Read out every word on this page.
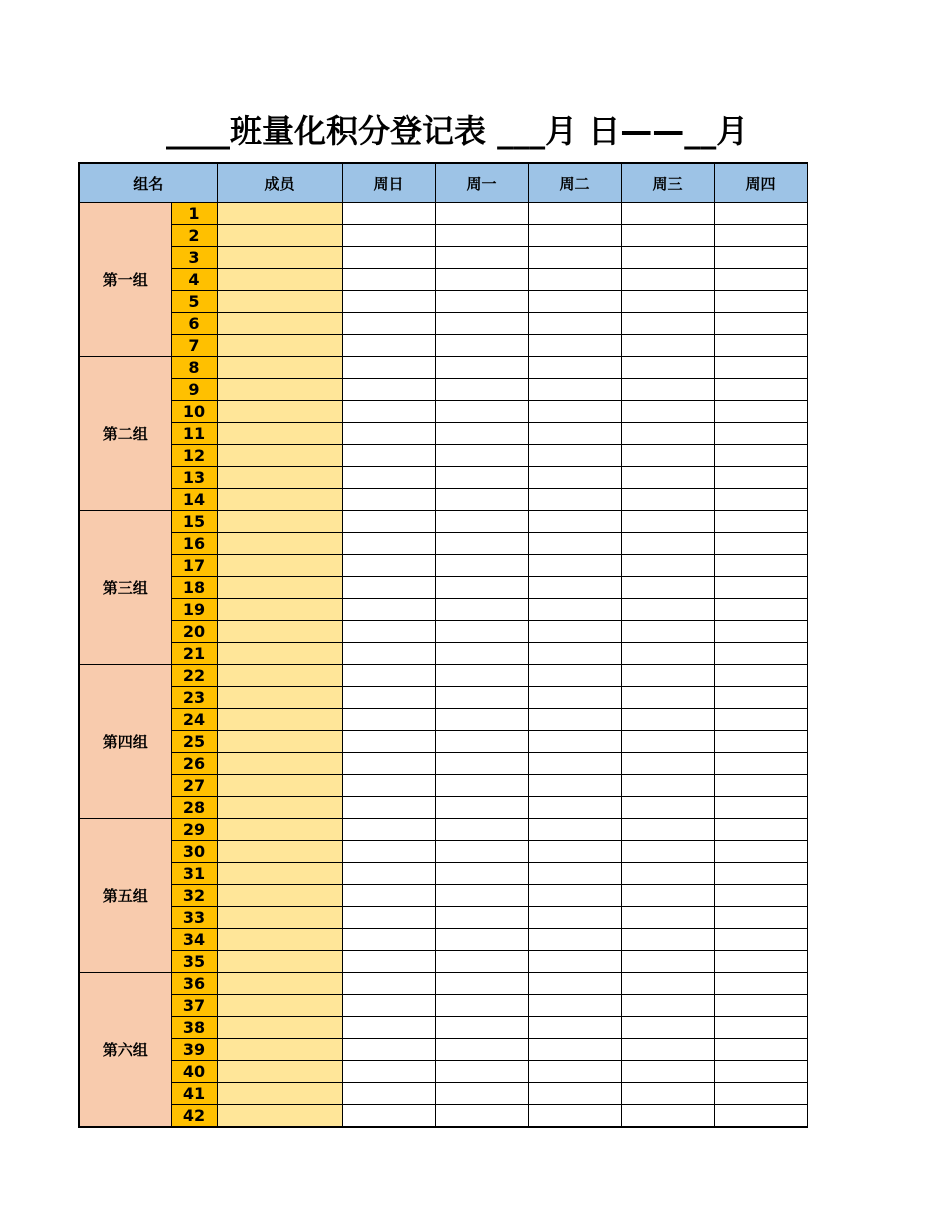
____班量化积分登记表 ___月 日——__月
组名		成员	周日	周一	周二	周三	周四
第一组	1						
	2						
	3						
	4						
	5						
	6						
	7						
第二组	8						
	9						
	10						
	11						
	12						
	13						
	14						
第三组	15						
	16						
	17						
	18						
	19						
	20						
	21						
第四组	22						
	23						
	24						
	25						
	26						
	27						
	28						
第五组	29						
	30						
	31						
	32						
	33						
	34						
	35						
第六组	36						
	37						
	38						
	39						
	40						
	41						
	42						
